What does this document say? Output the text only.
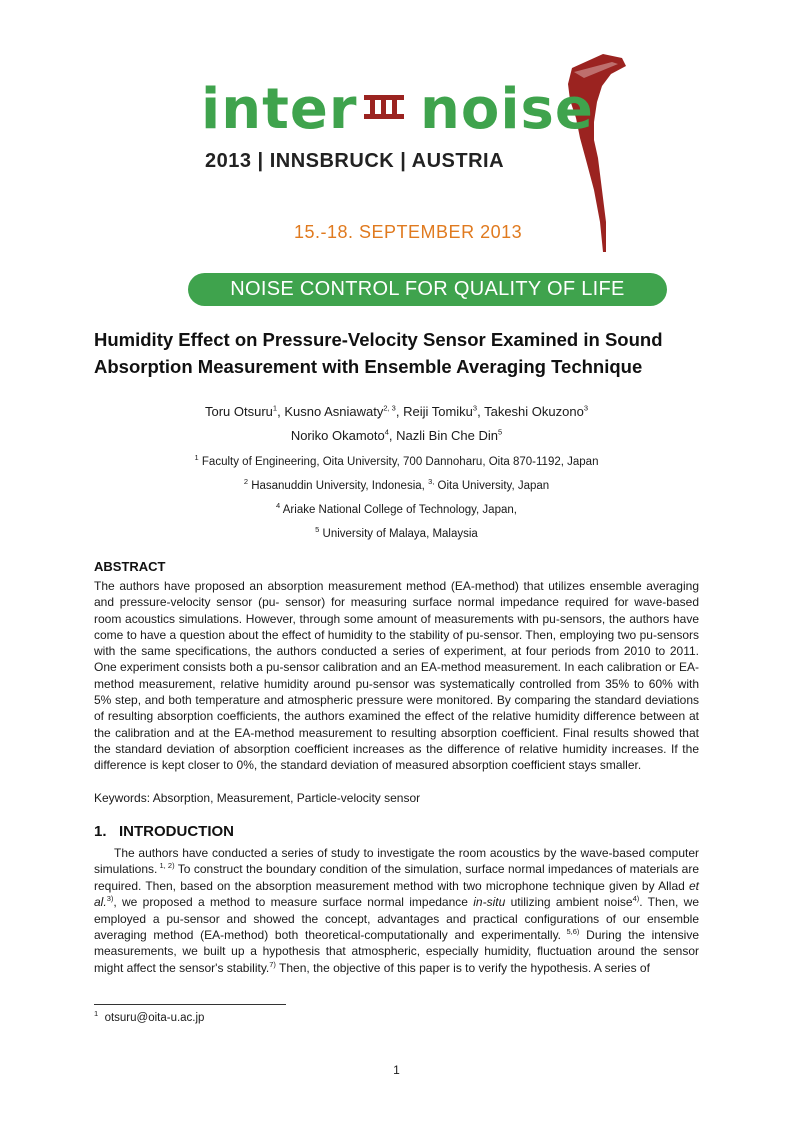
inter noise
2013 | INNSBRUCK | AUSTRIA
15.-18. SEPTEMBER 2013
NOISE CONTROL FOR QUALITY OF LIFE
Humidity Effect on Pressure-Velocity Sensor Examined in Sound Absorption Measurement with Ensemble Averaging Technique
Toru Otsuru$^1$, Kusno Asniawaty$^{2, 3}$, Reiji Tomiku$^3$, Takeshi Okuzono$^3$
Noriko Okamoto$^4$, Nazli Bin Che Din$^5$
$^1$ Faculty of Engineering, Oita University, 700 Dannoharu, Oita 870-1192, Japan
$^2$ Hasanuddin University, Indonesia, $^{3,}$ Oita University, Japan
$^4$ Ariake National College of Technology, Japan,
$^5$ University of Malaya, Malaysia
ABSTRACT
The authors have proposed an absorption measurement method (EA-method) that utilizes ensemble averaging and pressure-velocity sensor (pu- sensor) for measuring surface normal impedance required for wave-based room acoustics simulations. However, through some amount of measurements with pu-sensors, the authors have come to have a question about the effect of humidity to the stability of pu-sensor. Then, employing two pu-sensors with the same specifications, the authors conducted a series of experiment, at four periods from 2010 to 2011. One experiment consists both a pu-sensor calibration and an EA-method measurement. In each calibration or EA-method measurement, relative humidity around pu-sensor was systematically controlled from 35% to 60% with 5% step, and both temperature and atmospheric pressure were monitored. By comparing the standard deviations of resulting absorption coefficients, the authors examined the effect of the relative humidity difference between at the calibration and at the EA-method measurement to resulting absorption coefficient. Final results showed that the standard deviation of absorption coefficient increases as the difference of relative humidity increases. If the difference is kept closer to 0%, the standard deviation of measured absorption coefficient stays smaller.
Keywords: Absorption, Measurement, Particle-velocity sensor
1.   INTRODUCTION
The authors have conducted a series of study to investigate the room acoustics by the wave-based computer simulations. $^{1, 2)}$ To construct the boundary condition of the simulation, surface normal impedances of materials are required. Then, based on the absorption measurement method with two microphone technique given by Allad et al.$^{3)}$, we proposed a method to measure surface normal impedance in-situ utilizing ambient noise$^{4)}$. Then, we employed a pu-sensor and showed the concept, advantages and practical configurations of our ensemble averaging method (EA-method) both theoretical-computationally and experimentally. $^{5,6)}$ During the intensive measurements, we built up a hypothesis that atmospheric, especially humidity, fluctuation around the sensor might affect the sensor's stability.$^{7)}$ Then, the objective of this paper is to verify the hypothesis. A series of
$^1$ otsuru@oita-u.ac.jp
1
